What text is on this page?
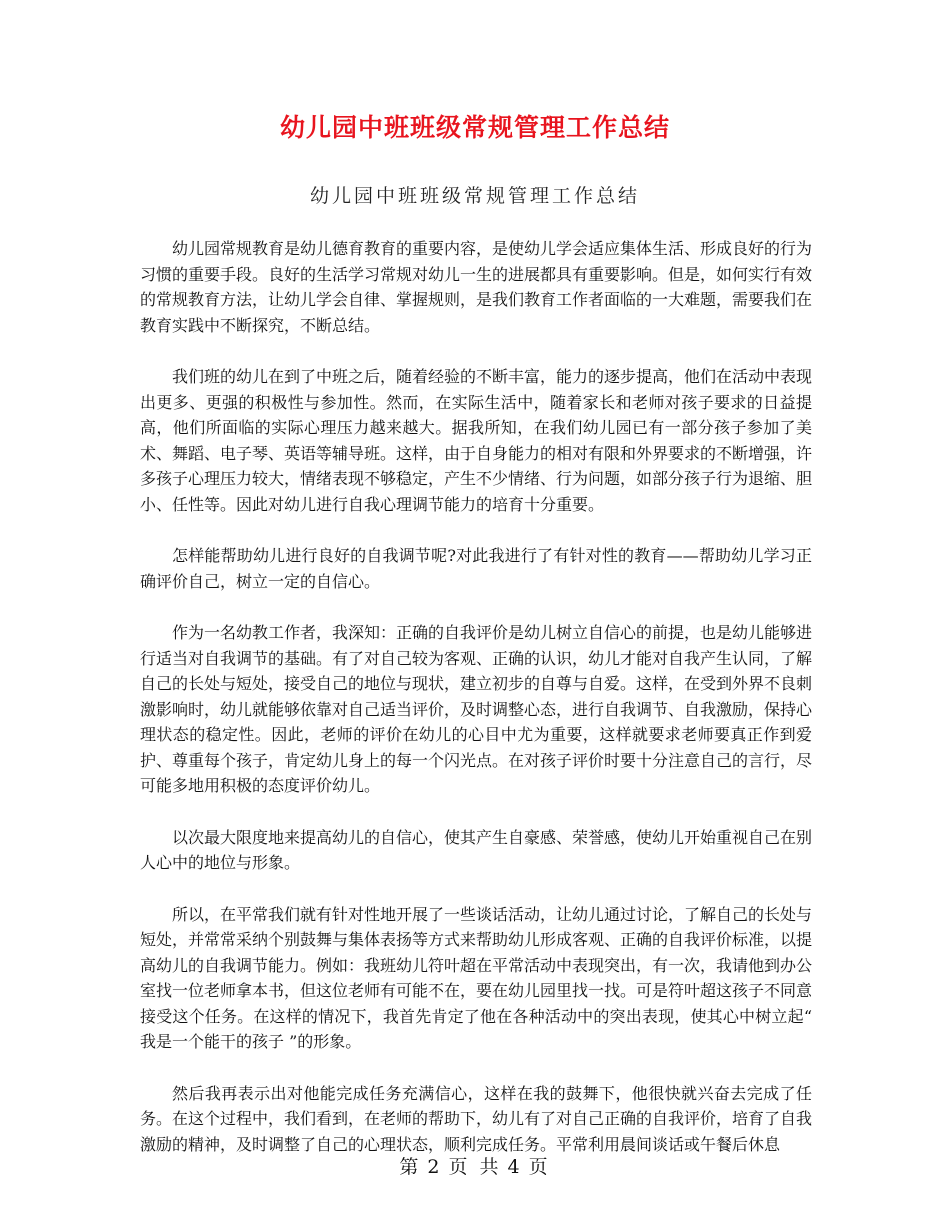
幼儿园中班班级常规管理工作总结
幼儿园中班班级常规管理工作总结

幼儿园常规教育是幼儿德育教育的重要内容，是使幼儿学会适应集体生活、形成良好的行为习惯的重要手段。良好的生活学习常规对幼儿一生的进展都具有重要影响。但是，如何实行有效的常规教育方法，让幼儿学会自律、掌握规则，是我们教育工作者面临的一大难题，需要我们在教育实践中不断探究，不断总结。

我们班的幼儿在到了中班之后，随着经验的不断丰富，能力的逐步提高，他们在活动中表现出更多、更强的积极性与参加性。然而，在实际生活中，随着家长和老师对孩子要求的日益提高，他们所面临的实际心理压力越来越大。据我所知，在我们幼儿园已有一部分孩子参加了美术、舞蹈、电子琴、英语等辅导班。这样，由于自身能力的相对有限和外界要求的不断增强，许多孩子心理压力较大，情绪表现不够稳定，产生不少情绪、行为问题，如部分孩子行为退缩、胆小、任性等。因此对幼儿进行自我心理调节能力的培育十分重要。

怎样能帮助幼儿进行良好的自我调节呢?对此我进行了有针对性的教育——帮助幼儿学习正确评价自己，树立一定的自信心。

作为一名幼教工作者，我深知：正确的自我评价是幼儿树立自信心的前提，也是幼儿能够进行适当对自我调节的基础。有了对自己较为客观、正确的认识，幼儿才能对自我产生认同，了解自己的长处与短处，接受自己的地位与现状，建立初步的自尊与自爱。这样，在受到外界不良刺激影响时，幼儿就能够依靠对自己适当评价，及时调整心态，进行自我调节、自我激励，保持心理状态的稳定性。因此，老师的评价在幼儿的心目中尤为重要，这样就要求老师要真正作到爱护、尊重每个孩子，肯定幼儿身上的每一个闪光点。在对孩子评价时要十分注意自己的言行，尽可能多地用积极的态度评价幼儿。

以次最大限度地来提高幼儿的自信心，使其产生自豪感、荣誉感，使幼儿开始重视自己在别人心中的地位与形象。

所以，在平常我们就有针对性地开展了一些谈话活动，让幼儿通过讨论，了解自己的长处与短处，并常常采纳个别鼓舞与集体表扬等方式来帮助幼儿形成客观、正确的自我评价标准，以提高幼儿的自我调节能力。例如：我班幼儿符叶超在平常活动中表现突出，有一次，我请他到办公室找一位老师拿本书，但这位老师有可能不在，要在幼儿园里找一找。可是符叶超这孩子不同意接受这个任务。在这样的情况下，我首先肯定了他在各种活动中的突出表现，使其心中树立起“ 我是一个能干的孩子 ”的形象。

然后我再表示出对他能完成任务充满信心，这样在我的鼓舞下，他很快就兴奋去完成了任务。在这个过程中，我们看到，在老师的帮助下，幼儿有了对自己正确的自我评价，培育了自我激励的精神，及时调整了自己的心理状态，顺利完成任务。平常利用晨间谈话或午餐后休息

第 2 页 共 4 页
